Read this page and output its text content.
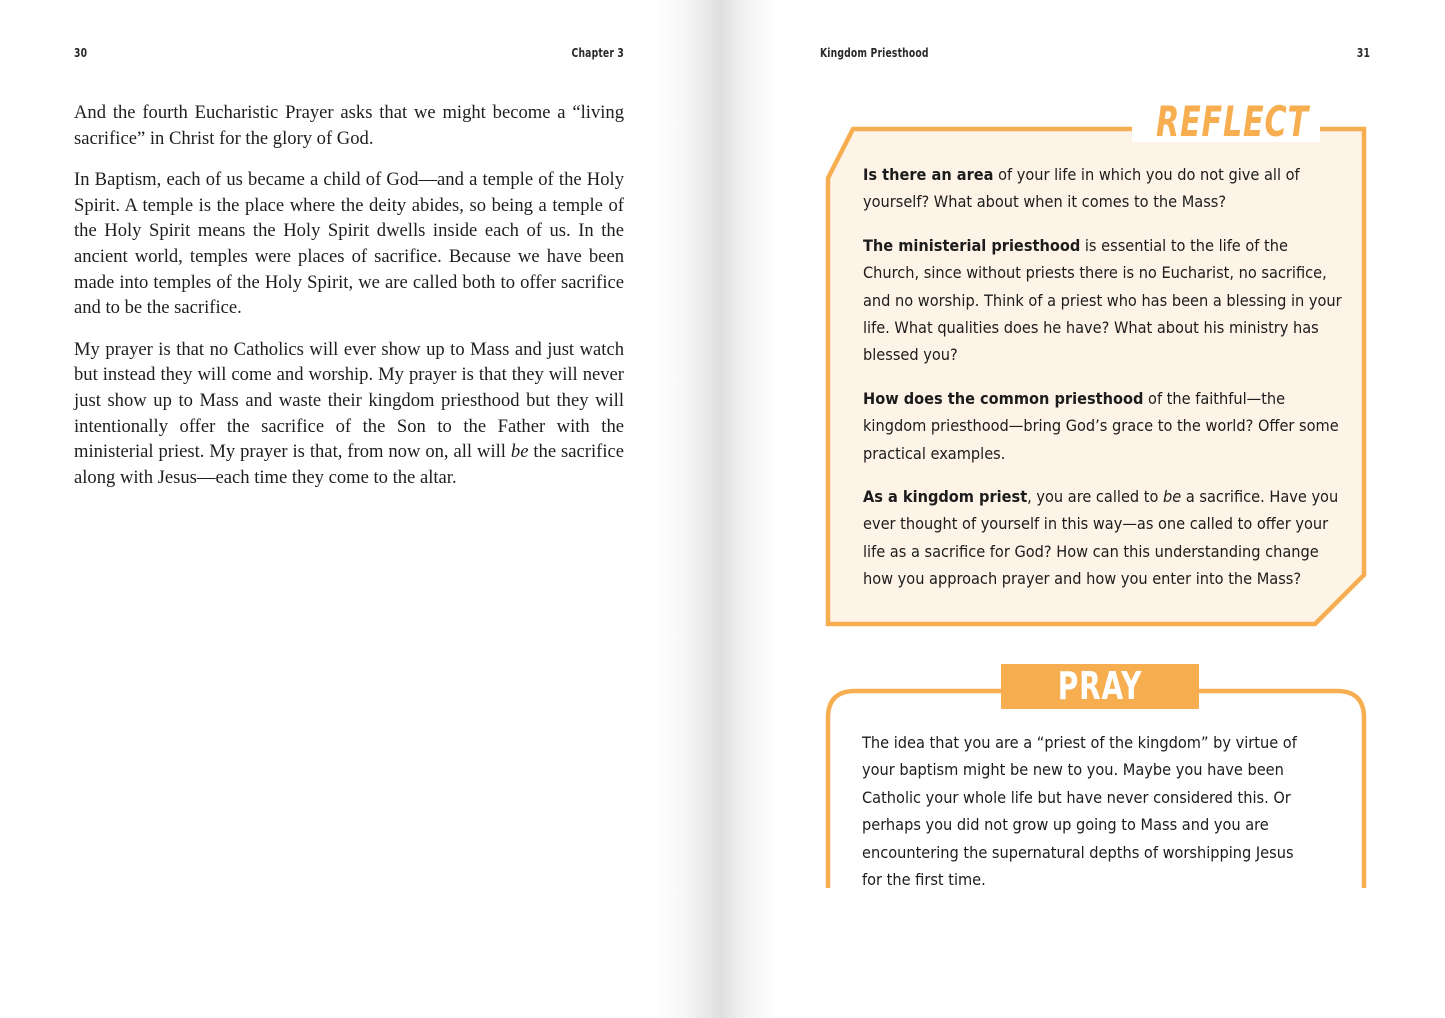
30	Chapter 3

And the fourth Eucharistic Prayer asks that we might become a “living sacrifice” in Christ for the glory of God.

In Baptism, each of us became a child of God—and a temple of the Holy Spirit. A temple is the place where the deity abides, so being a temple of the Holy Spirit means the Holy Spirit dwells inside each of us. In the ancient world, temples were places of sacrifice. Because we have been made into temples of the Holy Spirit, we are called both to offer sacrifice and to be the sacrifice.

My prayer is that no Catholics will ever show up to Mass and just watch but instead they will come and worship. My prayer is that they will never just show up to Mass and waste their kingdom priesthood but they will intentionally offer the sacrifice of the Son to the Father with the ministerial priest. My prayer is that, from now on, all will be the sacrifice along with Jesus—each time they come to the altar.

Kingdom Priesthood	31
REFLECT

Is there an area of your life in which you do not give all of yourself? What about when it comes to the Mass?

The ministerial priesthood is essential to the life of the Church, since without priests there is no Eucharist, no sacrifice, and no worship. Think of a priest who has been a blessing in your life. What qualities does he have? What about his ministry has blessed you?

How does the common priesthood of the faithful—the kingdom priesthood—bring God’s grace to the world? Offer some practical examples.

As a kingdom priest, you are called to be a sacrifice. Have you ever thought of yourself in this way—as one called to offer your life as a sacrifice for God? How can this understanding change how you approach prayer and how you enter into the Mass?

PRAY

The idea that you are a “priest of the kingdom” by virtue of your baptism might be new to you. Maybe you have been Catholic your whole life but have never considered this. Or perhaps you did not grow up going to Mass and you are encountering the supernatural depths of worshipping Jesus for the first time.
